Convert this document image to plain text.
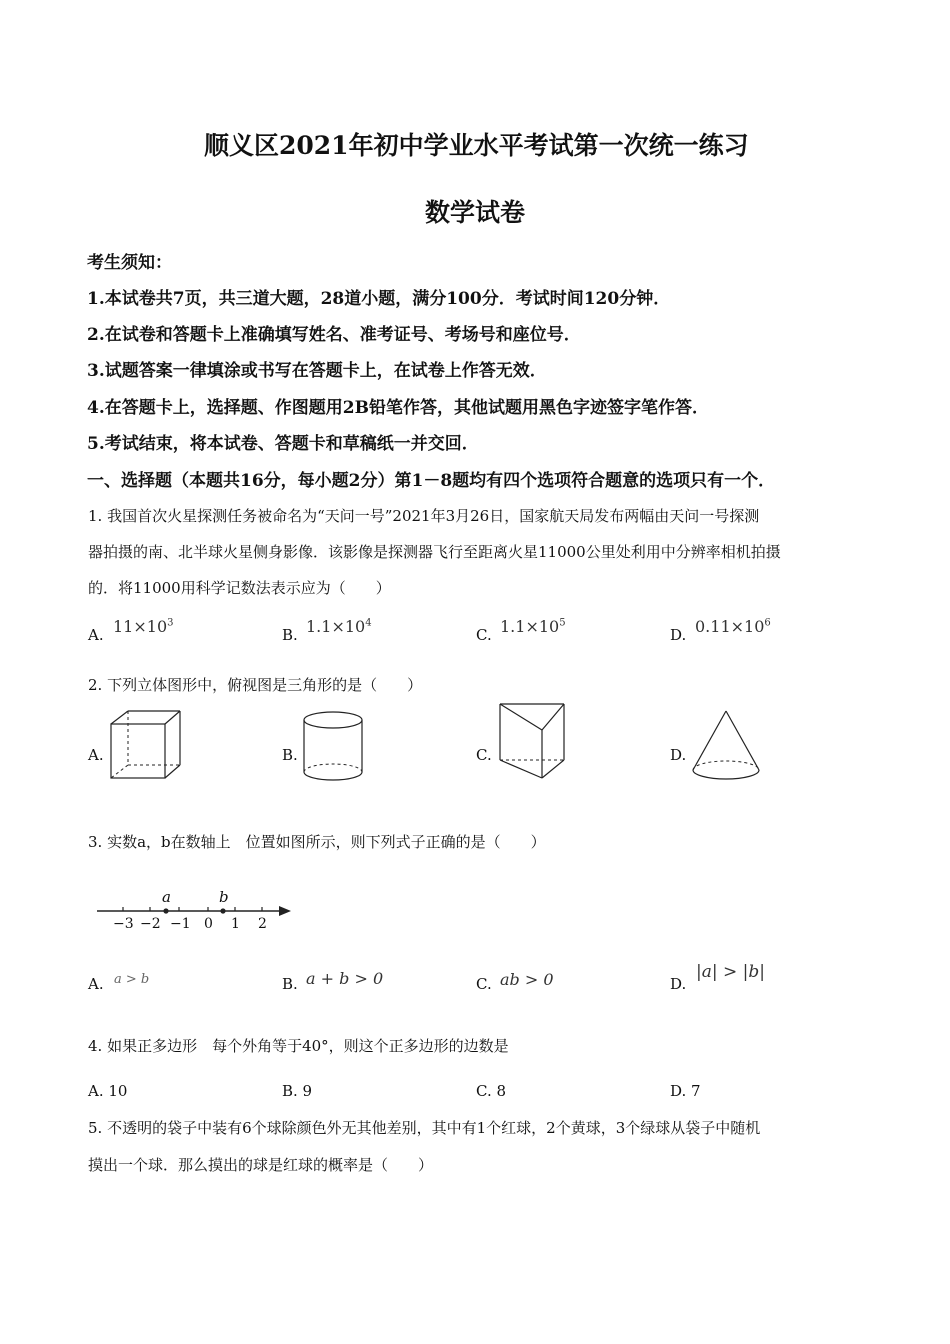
顺义区2021年初中学业水平考试第一次统一练习
数学试卷
考生须知：
1.本试卷共7页，共三道大题，28道小题，满分100分．考试时间120分钟．
2.在试卷和答题卡上准确填写姓名、准考证号、考场号和座位号．
3.试题答案一律填涂或书写在答题卡上，在试卷上作答无效．
4.在答题卡上，选择题、作图题用2B铅笔作答，其他试题用黑色字迹签字笔作答．
5.考试结束，将本试卷、答题卡和草稿纸一并交回．
一、选择题（本题共16分，每小题2分）第1－8题均有四个选项符合题意的选项只有一个．
1. 我国首次火星探测任务被命名为“天问一号”2021年3月26日，国家航天局发布两幅由天问一号探测
器拍摄的南、北半球火星侧身影像．该影像是探测器飞行至距离火星11000公里处利用中分辨率相机拍摄
的．将11000用科学记数法表示应为（　　）
A. $11\times 10^3$
B. $1.1\times 10^4$
C. $1.1\times 10^5$
D. $0.11\times 10^6$
2. 下列立体图形中，俯视图是三角形的是（　　）
A.	B.	C.	D.
3. 实数a，b在数轴上　位置如图所示，则下列式子正确的是（　　）
a	b
−3 −2 −1 0 1 2
A. a > b	B. a + b > 0	C. ab > 0	D.
|a| > |b|
4. 如果正多边形　每个外角等于40°，则这个正多边形的边数是
A. 10	B. 9	C. 8	D. 7
5. 不透明的袋子中装有6个球除颜色外无其他差别，其中有1个红球，2个黄球，3个绿球从袋子中随机
摸出一个球．那么摸出的球是红球的概率是（　　）
